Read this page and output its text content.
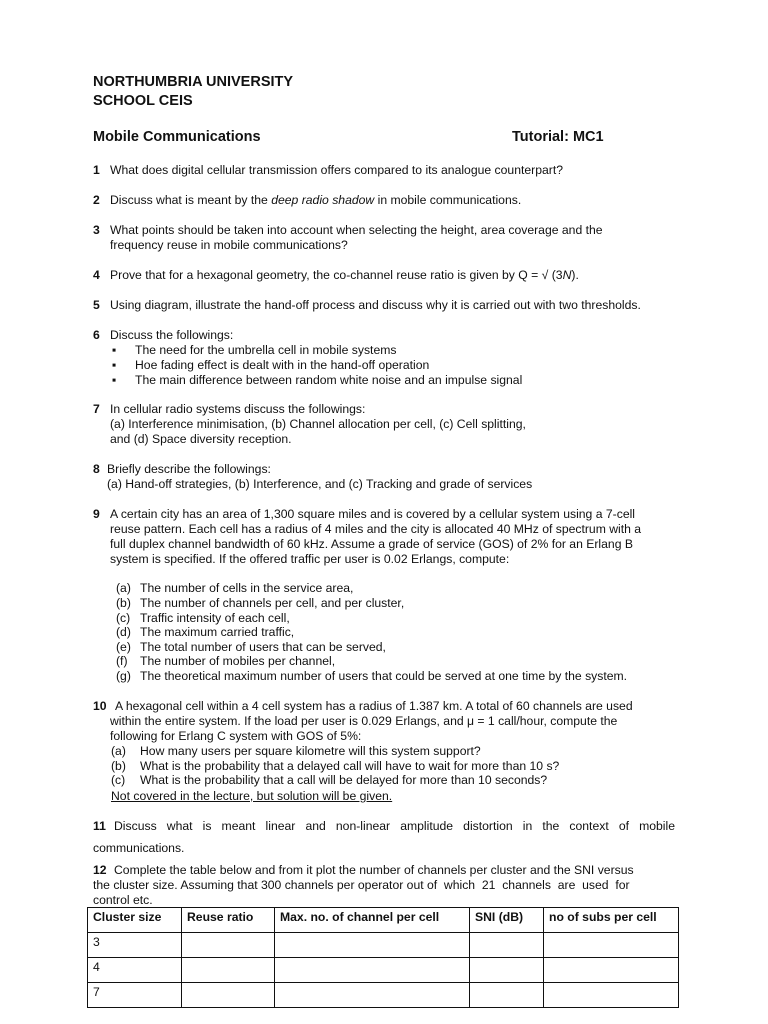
NORTHUMBRIA UNIVERSITY
SCHOOL CEIS
Mobile Communications	Tutorial: MC1
1 What does digital cellular transmission offers compared to its analogue counterpart?
2 Discuss what is meant by the deep radio shadow in mobile communications.
3 What points should be taken into account when selecting the height, area coverage and the
frequency reuse in mobile communications?
4 Prove that for a hexagonal geometry, the co-channel reuse ratio is given by Q = √ (3N).
5 Using diagram, illustrate the hand-off process and discuss why it is carried out with two thresholds.
6 Discuss the followings:
▪ The need for the umbrella cell in mobile systems
▪ Hoe fading effect is dealt with in the hand-off operation
▪ The main difference between random white noise and an impulse signal
7 In cellular radio systems discuss the followings:
(a) Interference minimisation, (b) Channel allocation per cell, (c) Cell splitting,
and (d) Space diversity reception.
8 Briefly describe the followings:
(a) Hand-off strategies, (b) Interference, and (c) Tracking and grade of services
9 A certain city has an area of 1,300 square miles and is covered by a cellular system using a 7-cell
reuse pattern. Each cell has a radius of 4 miles and the city is allocated 40 MHz of spectrum with a
full duplex channel bandwidth of 60 kHz. Assume a grade of service (GOS) of 2% for an Erlang B
system is specified. If the offered traffic per user is 0.02 Erlangs, compute:
(a) The number of cells in the service area,
(b) The number of channels per cell, and per cluster,
(c) Traffic intensity of each cell,
(d) The maximum carried traffic,
(e) The total number of users that can be served,
(f) The number of mobiles per channel,
(g) The theoretical maximum number of users that could be served at one time by the system.
10 A hexagonal cell within a 4 cell system has a radius of 1.387 km. A total of 60 channels are used
within the entire system. If the load per user is 0.029 Erlangs, and μ = 1 call/hour, compute the
following for Erlang C system with GOS of 5%:
(a) How many users per square kilometre will this system support?
(b) What is the probability that a delayed call will have to wait for more than 10 s?
(c) What is the probability that a call will be delayed for more than 10 seconds?
Not covered in the lecture, but solution will be given.
11 Discuss what is meant linear and non-linear amplitude distortion in the context of mobile
communications.
12 Complete the table below and from it plot the number of channels per cluster and the SNI versus
the cluster size. Assuming that 300 channels per operator out of  which  21  channels  are  used  for
control etc.
Cluster size	Reuse ratio	Max. no. of channel per cell	SNI (dB)	no of subs per cell
3				
4				
7				
